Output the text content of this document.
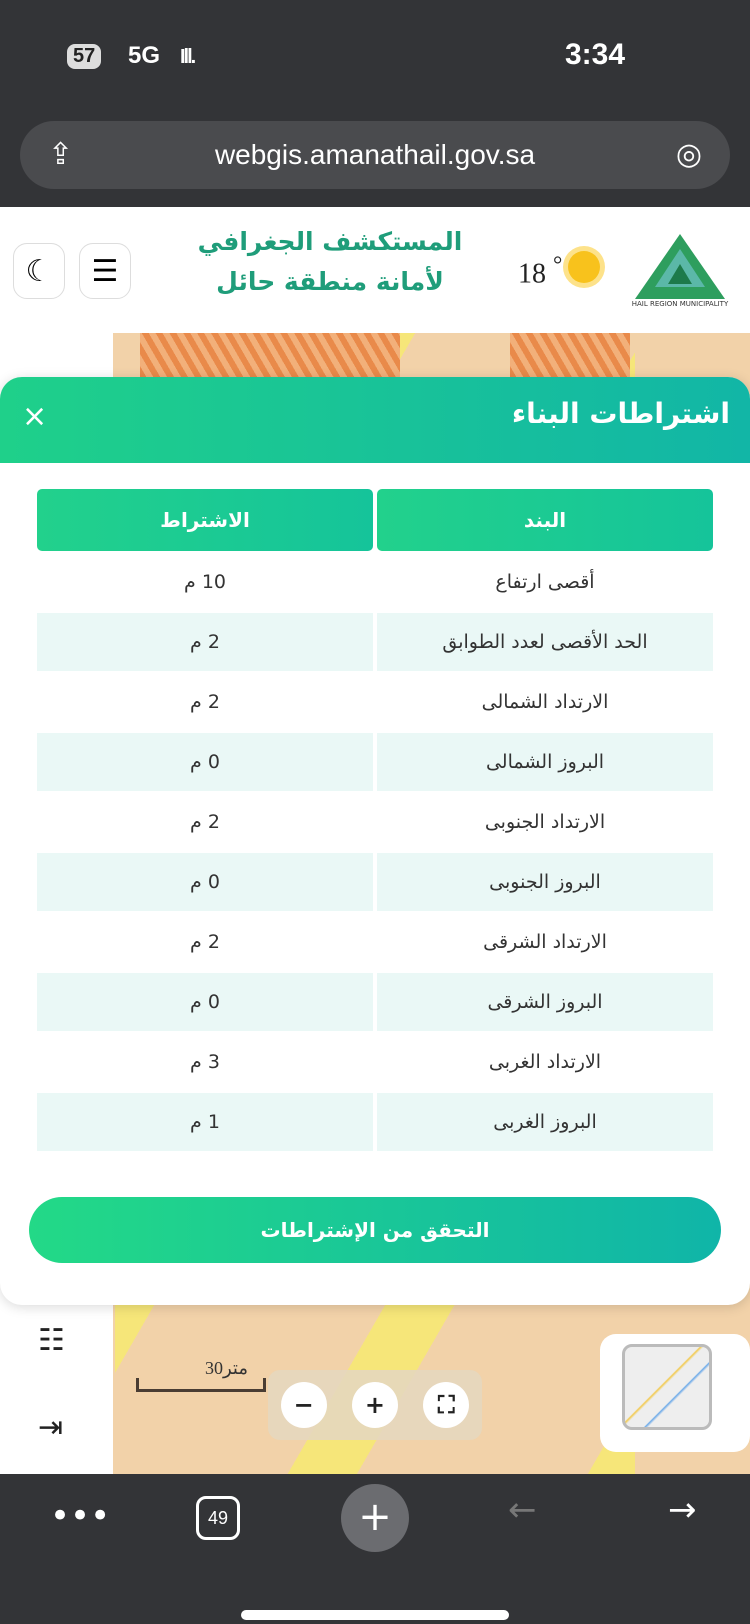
57 5G Ill.	3:34
⇪	webgis.amanathail.gov.sa	◎
☾ ☰
المستكشف الجغرافي
لأمانة منطقة حائل	18 °
HAIL REGION MUNICIPALITY
☷
⇥
30متر
−	+	⛶
اشتراطات البناء
×
البند	الاشتراط
أقصى ارتفاع	10 م
الحد الأقصى لعدد الطوابق	2 م
الارتداد الشمالى	2 م
البروز الشمالى	0 م
الارتداد الجنوبى	2 م
البروز الجنوبى	0 م
الارتداد الشرقى	2 م
البروز الشرقى	0 م
الارتداد الغربى	3 م
البروز الغربى	1 م
sa.aqar.fm
التحقق من الإشتراطات
•••	49	+	←	→
